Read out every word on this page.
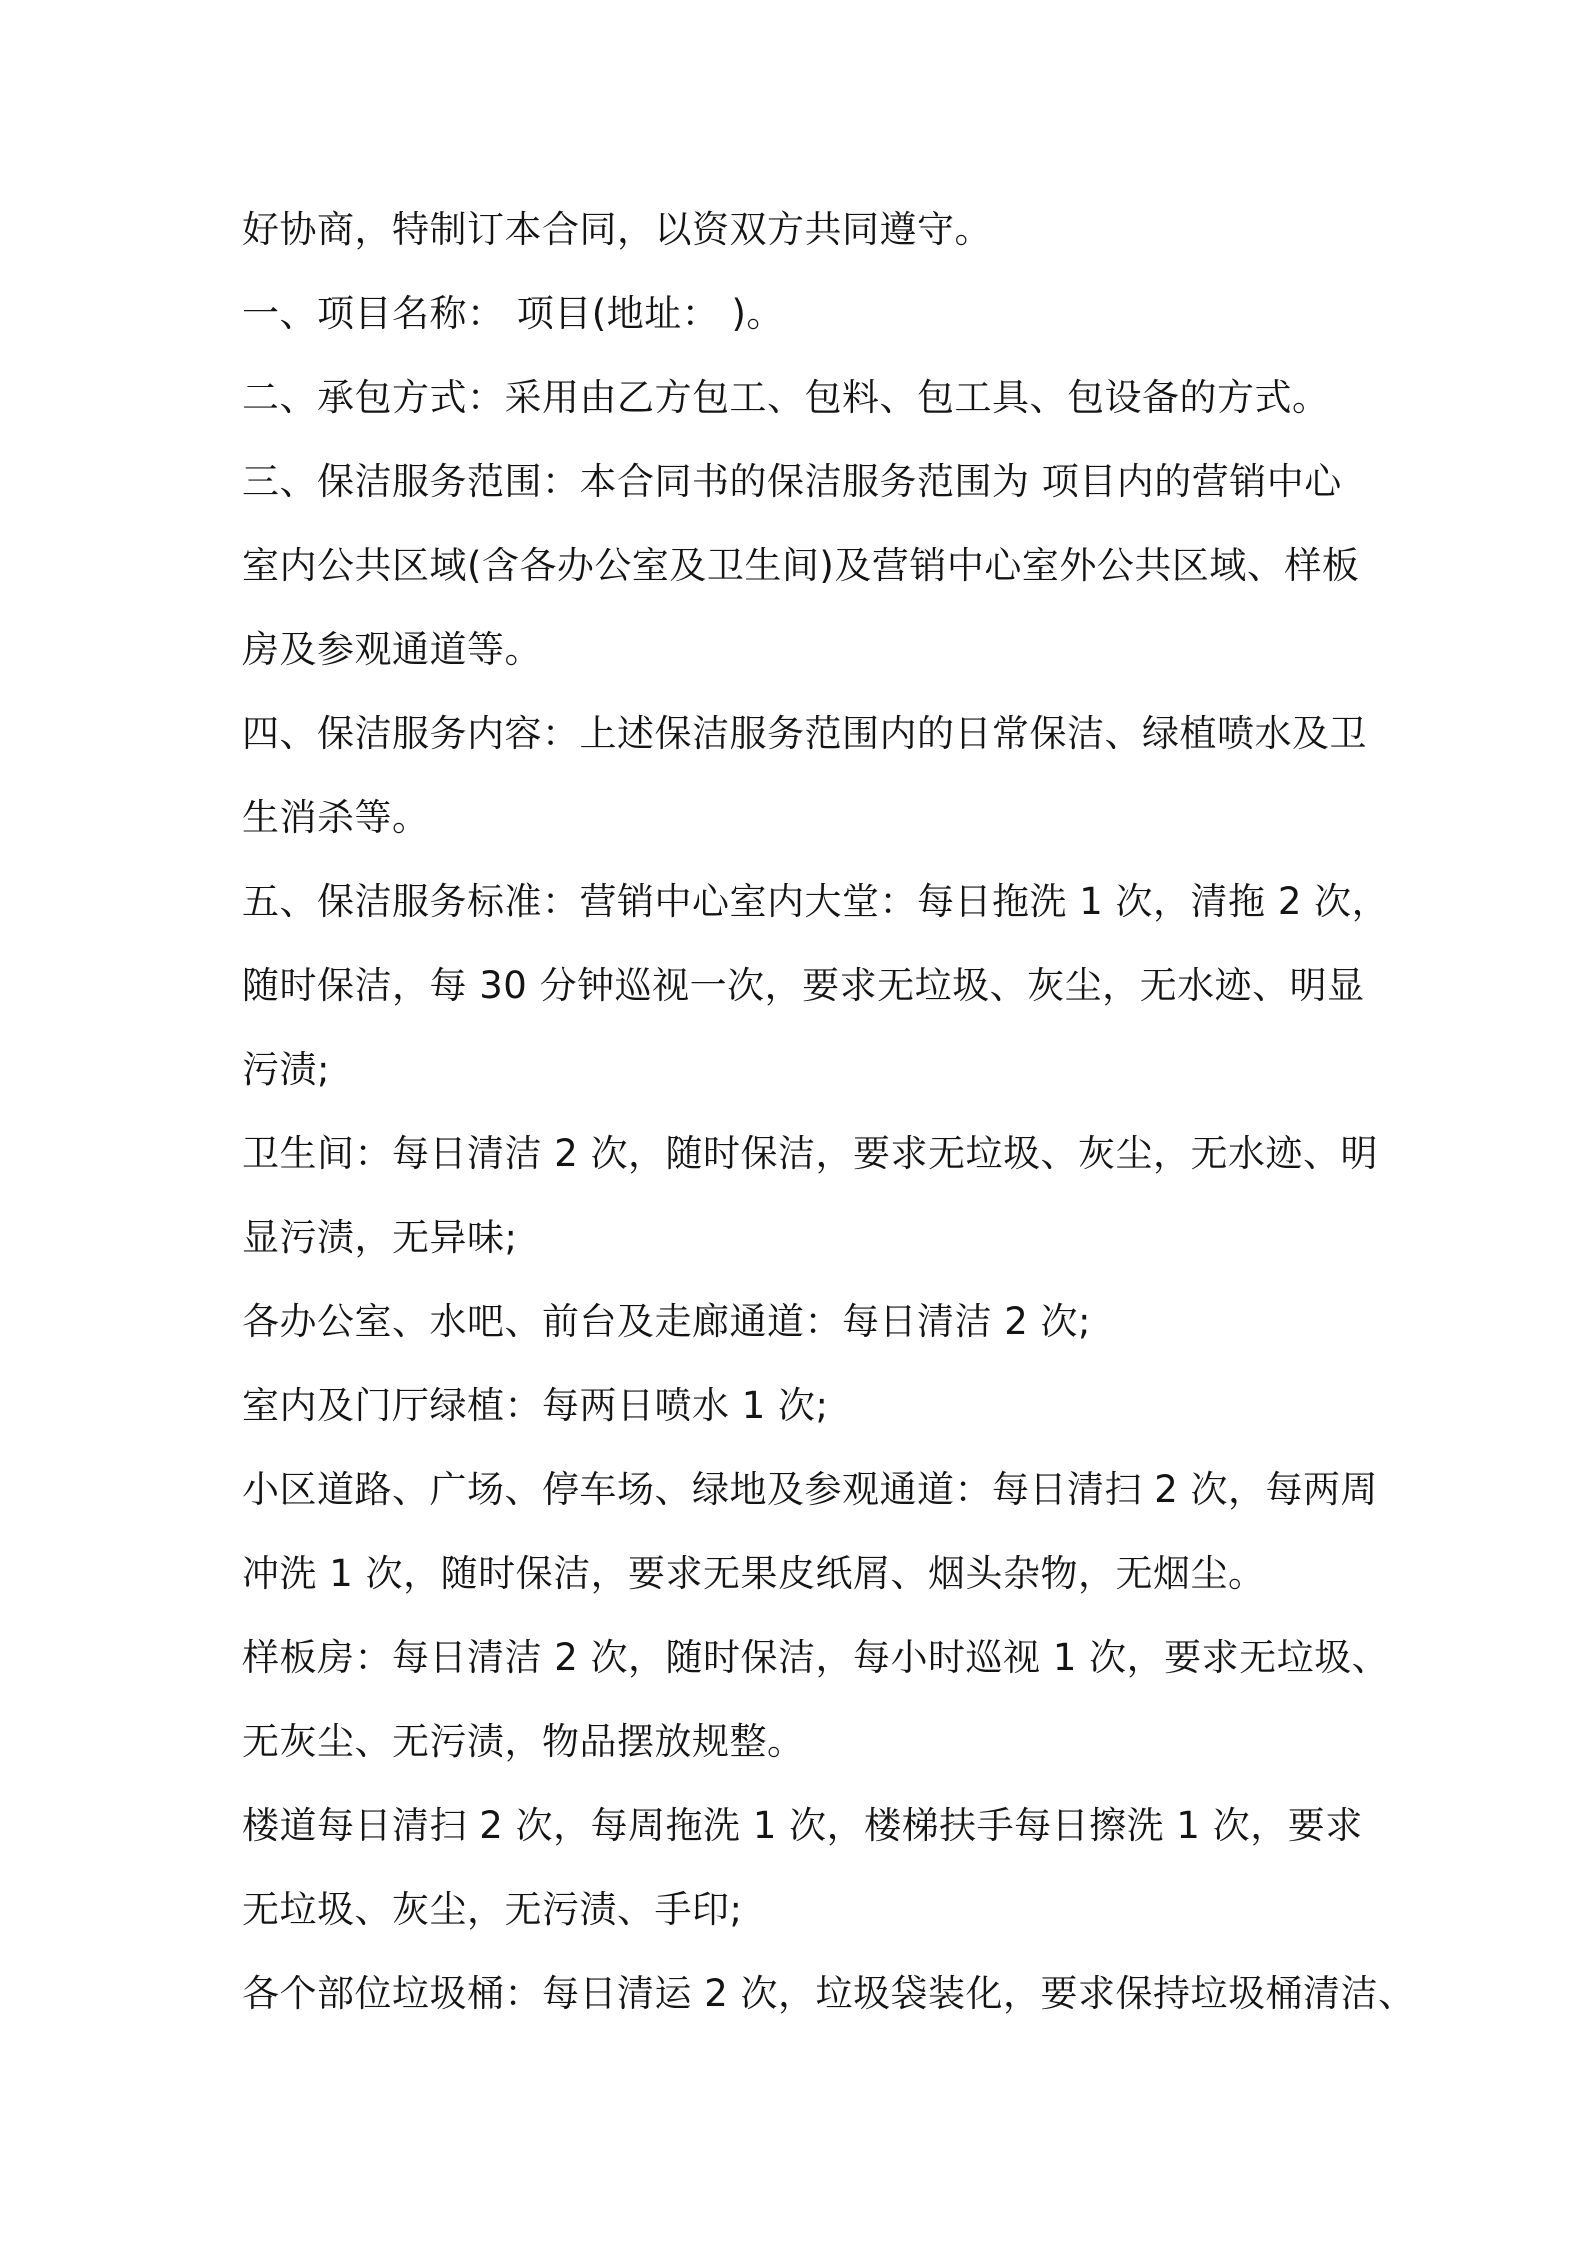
好协商，特制订本合同，以资双方共同遵守。
一、项目名称： 项目(地址： )。
二、承包方式：采用由乙方包工、包料、包工具、包设备的方式。
三、保洁服务范围：本合同书的保洁服务范围为 项目内的营销中心
室内公共区域(含各办公室及卫生间)及营销中心室外公共区域、样板
房及参观通道等。
四、保洁服务内容：上述保洁服务范围内的日常保洁、绿植喷水及卫
生消杀等。
五、保洁服务标准：营销中心室内大堂：每日拖洗 1 次，清拖 2 次，
随时保洁，每 30 分钟巡视一次，要求无垃圾、灰尘，无水迹、明显
污渍;
卫生间：每日清洁 2 次，随时保洁，要求无垃圾、灰尘，无水迹、明
显污渍，无异味;
各办公室、水吧、前台及走廊通道：每日清洁 2 次;
室内及门厅绿植：每两日喷水 1 次;
小区道路、广场、停车场、绿地及参观通道：每日清扫 2 次，每两周
冲洗 1 次，随时保洁，要求无果皮纸屑、烟头杂物，无烟尘。
样板房：每日清洁 2 次，随时保洁，每小时巡视 1 次，要求无垃圾、
无灰尘、无污渍，物品摆放规整。
楼道每日清扫 2 次，每周拖洗 1 次，楼梯扶手每日擦洗 1 次，要求
无垃圾、灰尘，无污渍、手印;
各个部位垃圾桶：每日清运 2 次，垃圾袋装化，要求保持垃圾桶清洁、
